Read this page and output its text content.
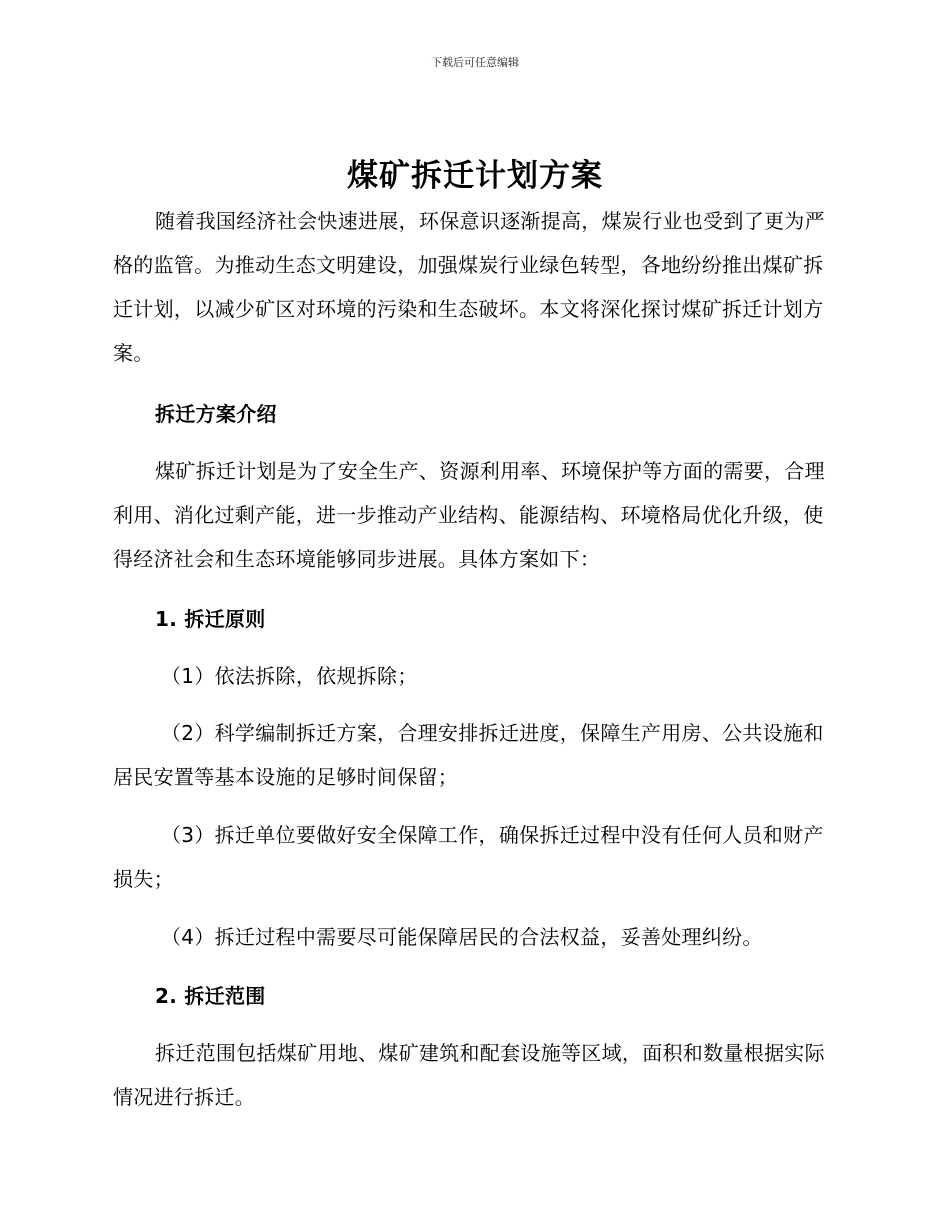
下载后可任意编辑
煤矿拆迁计划方案

随着我国经济社会快速进展，环保意识逐渐提高，煤炭行业也受到了更为严格的监管。为推动生态文明建设，加强煤炭行业绿色转型，各地纷纷推出煤矿拆迁计划，以减少矿区对环境的污染和生态破坏。本文将深化探讨煤矿拆迁计划方案。

拆迁方案介绍

煤矿拆迁计划是为了安全生产、资源利用率、环境保护等方面的需要，合理利用、消化过剩产能，进一步推动产业结构、能源结构、环境格局优化升级，使得经济社会和生态环境能够同步进展。具体方案如下：

1. 拆迁原则

（1）依法拆除，依规拆除；

（2）科学编制拆迁方案，合理安排拆迁进度，保障生产用房、公共设施和居民安置等基本设施的足够时间保留；

（3）拆迁单位要做好安全保障工作，确保拆迁过程中没有任何人员和财产损失；

（4）拆迁过程中需要尽可能保障居民的合法权益，妥善处理纠纷。

2. 拆迁范围

拆迁范围包括煤矿用地、煤矿建筑和配套设施等区域，面积和数量根据实际情况进行拆迁。
